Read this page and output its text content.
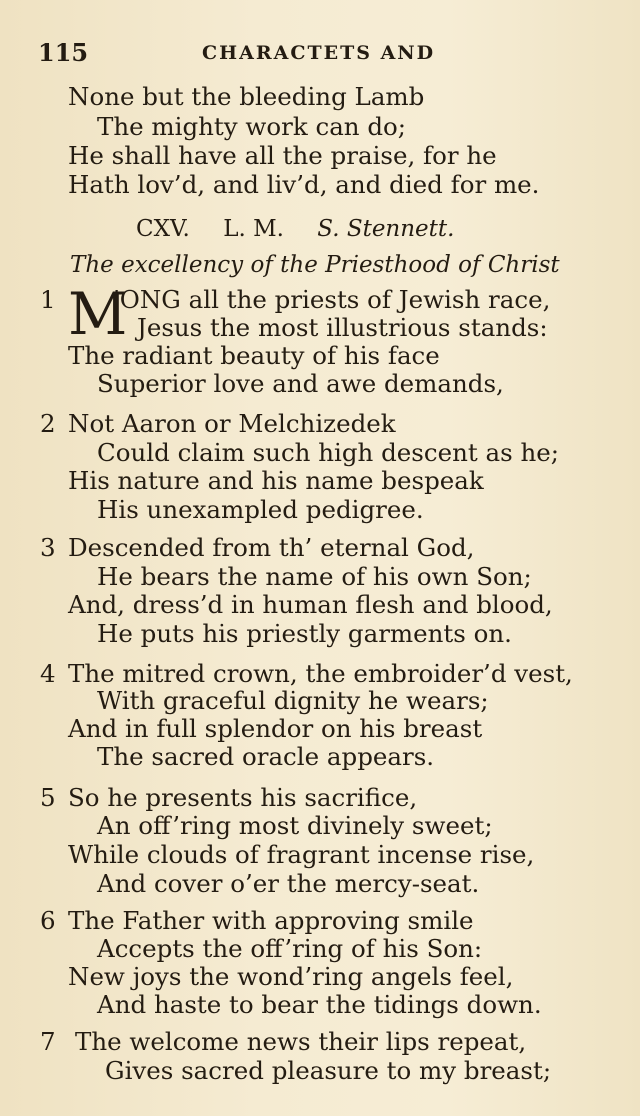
115	CHARACTETS AND
None but the bleeding Lamb
The mighty work can do;
He shall have all the praise, for he
Hath lov’d, and liv’d, and died for me.
CXV. L. M. S. Stennett.
The excellency of the Priesthood of Christ
1 M
’ONG all the priests of Jewish race,
Jesus the most illustrious stands:
The radiant beauty of his face
Superior love and awe demands,
2 Not Aaron or Melchizedek
Could claim such high descent as he;
His nature and his name bespeak
His unexampled pedigree.
3 Descended from th’ eternal God,
He bears the name of his own Son;
And, dress’d in human flesh and blood,
He puts his priestly garments on.
4 The mitred crown, the embroider’d vest,
With graceful dignity he wears;
And in full splendor on his breast
The sacred oracle appears.
5 So he presents his sacrifice,
An off’ring most divinely sweet;
While clouds of fragrant incense rise,
And cover o’er the mercy-seat.
6 The Father with approving smile
Accepts the off’ring of his Son:
New joys the wond’ring angels feel,
And haste to bear the tidings down.
7 The welcome news their lips repeat,
Gives sacred pleasure to my breast;
